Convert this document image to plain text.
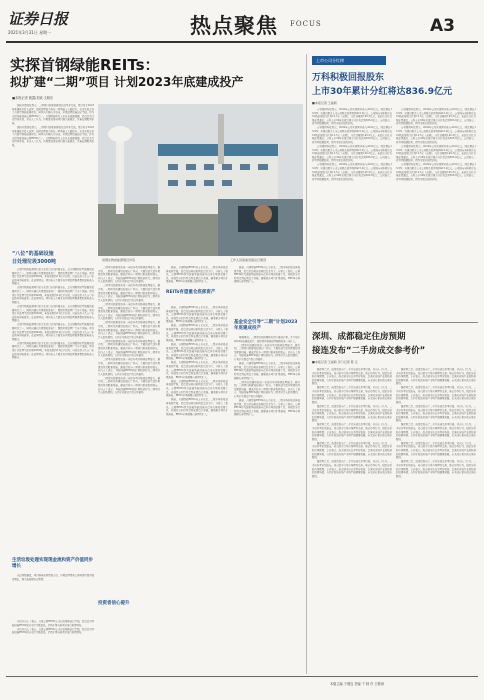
证券日报
2021年3月31日 星期一	热点聚焦 FOCUS	A3
实探首钢绿能REITs：
拟扩建“二期”项目 计划2023年底建成投产
■本报记者 施露/刘欢 文晓东

国际业绩快报显示，二期项目的规划建设已经基本完成，预计将于2023年底建成并投入运营，届时处理能力将在一期基础上大幅提升。记者实地走访了首钢生物质能源项目，园区内车辆有序进出，垃圾处理设施运转平稳。作为首批基础设施公募REITs之一，首钢绿能项目上市以来表现稳健，投资者关注度持续升温，业内人士认为，垃圾焚烧发电项目现金流稳定，具备长期配置价值。

国际业绩快报显示，二期项目的规划建设已经基本完成，预计将于2023年底建成并投入运营，届时处理能力将在一期基础上大幅提升。记者实地走访了首钢生物质能源项目，园区内车辆有序进出，垃圾处理设施运转平稳。作为首批基础设施公募REITs之一，首钢绿能项目上市以来表现稳健，投资者关注度持续升温，业内人士认为，垃圾焚烧发电项目现金流稳定，具备长期配置价值。

“八位”的基础设施
日处理垃圾3000吨

首钢生物质能源项目位于北京门头沟区鲁家山，是首钢集团转型发展的重要项目之一，园区内建有垃圾焚烧发电厂、餐厨垃圾处理厂等多个设施。项目设计日处理生活垃圾3000吨，年发电量约3.2亿千瓦时，可满足约十几万户家庭的年用电需求。在运营期内，项目收入主要来自垃圾处理服务费和发电收入两部分。

首钢生物质能源项目位于北京门头沟区鲁家山，是首钢集团转型发展的重要项目之一，园区内建有垃圾焚烧发电厂、餐厨垃圾处理厂等多个设施。项目设计日处理生活垃圾3000吨，年发电量约3.2亿千瓦时，可满足约十几万户家庭的年用电需求。在运营期内，项目收入主要来自垃圾处理服务费和发电收入两部分。

首钢生物质能源项目位于北京门头沟区鲁家山，是首钢集团转型发展的重要项目之一，园区内建有垃圾焚烧发电厂、餐厨垃圾处理厂等多个设施。项目设计日处理生活垃圾3000吨，年发电量约3.2亿千瓦时，可满足约十几万户家庭的年用电需求。在运营期内，项目收入主要来自垃圾处理服务费和发电收入两部分。

首钢生物质能源项目位于北京门头沟区鲁家山，是首钢集团转型发展的重要项目之一，园区内建有垃圾焚烧发电厂、餐厨垃圾处理厂等多个设施。项目设计日处理生活垃圾3000吨，年发电量约3.2亿千瓦时，可满足约十几万户家庭的年用电需求。在运营期内，项目收入主要来自垃圾处理服务费和发电收入两部分。

首钢生物质能源项目位于北京门头沟区鲁家山，是首钢集团转型发展的重要项目之一，园区内建有垃圾焚烧发电厂、餐厨垃圾处理厂等多个设施。项目设计日处理生活垃圾3000吨，年发电量约3.2亿千瓦时，可满足约十几万户家庭的年用电需求。在运营期内，项目收入主要来自垃圾处理服务费和发电收入两部分。

生活垃圾处理实现现金流和资产价值同步增长

从运营数据看，项目整体运营情况良好，垃圾处理量和上网电量均保持稳定增长，现金流表现符合预期。

首钢生物质能源项目外景	工作人员查看设备运行情况

二期项目的建设将进一步提升项目整体处理能力。据介绍，二期项目拟建设在现有厂区内，主要包括生活垃圾焚烧线及配套设施，建成后将与一期项目形成协同效应。业内人士表示，基础设施REITs的扩募机制将为二期项目注入提供便利，有利于实现资产的良性循环。

二期项目的建设将进一步提升项目整体处理能力。据介绍，二期项目拟建设在现有厂区内，主要包括生活垃圾焚烧线及配套设施，建成后将与一期项目形成协同效应。业内人士表示，基础设施REITs的扩募机制将为二期项目注入提供便利，有利于实现资产的良性循环。

二期项目的建设将进一步提升项目整体处理能力。据介绍，二期项目拟建设在现有厂区内，主要包括生活垃圾焚烧线及配套设施，建成后将与一期项目形成协同效应。业内人士表示，基础设施REITs的扩募机制将为二期项目注入提供便利，有利于实现资产的良性循环。

二期项目的建设将进一步提升项目整体处理能力。据介绍，二期项目拟建设在现有厂区内，主要包括生活垃圾焚烧线及配套设施，建成后将与一期项目形成协同效应。业内人士表示，基础设施REITs的扩募机制将为二期项目注入提供便利，有利于实现资产的良性循环。

二期项目的建设将进一步提升项目整体处理能力。据介绍，二期项目拟建设在现有厂区内，主要包括生活垃圾焚烧线及配套设施，建成后将与一期项目形成协同效应。业内人士表示，基础设施REITs的扩募机制将为二期项目注入提供便利，有利于实现资产的良性循环。

二期项目的建设将进一步提升项目整体处理能力。据介绍，二期项目拟建设在现有厂区内，主要包括生活垃圾焚烧线及配套设施，建成后将与一期项目形成协同效应。业内人士表示，基础设施REITs的扩募机制将为二期项目注入提供便利，有利于实现资产的良性循环。

二期项目的建设将进一步提升项目整体处理能力。据介绍，二期项目拟建设在现有厂区内，主要包括生活垃圾焚烧线及配套设施，建成后将与一期项目形成协同效应。业内人士表示，基础设施REITs的扩募机制将为二期项目注入提供便利，有利于实现资产的良性循环。

据悉，首钢绿能REITs自上市以来，二级市场价格总体表现平稳，投资者结构以机构投资者为主。分析人士指出，公募REITs作为连接基础设施与资本市场的重要工具，其稳定分红特性受到长期资金青睐。随着更多项目扩募落地，REITs市场规模有望持续扩大。

REITs有望重仓底部资产

据悉，首钢绿能REITs自上市以来，二级市场价格总体表现平稳，投资者结构以机构投资者为主。分析人士指出，公募REITs作为连接基础设施与资本市场的重要工具，其稳定分红特性受到长期资金青睐。随着更多项目扩募落地，REITs市场规模有望持续扩大。

据悉，首钢绿能REITs自上市以来，二级市场价格总体表现平稳，投资者结构以机构投资者为主。分析人士指出，公募REITs作为连接基础设施与资本市场的重要工具，其稳定分红特性受到长期资金青睐。随着更多项目扩募落地，REITs市场规模有望持续扩大。

据悉，首钢绿能REITs自上市以来，二级市场价格总体表现平稳，投资者结构以机构投资者为主。分析人士指出，公募REITs作为连接基础设施与资本市场的重要工具，其稳定分红特性受到长期资金青睐。随着更多项目扩募落地，REITs市场规模有望持续扩大。

据悉，首钢绿能REITs自上市以来，二级市场价格总体表现平稳，投资者结构以机构投资者为主。分析人士指出，公募REITs作为连接基础设施与资本市场的重要工具，其稳定分红特性受到长期资金青睐。随着更多项目扩募落地，REITs市场规模有望持续扩大。

据悉，首钢绿能REITs自上市以来，二级市场价格总体表现平稳，投资者结构以机构投资者为主。分析人士指出，公募REITs作为连接基础设施与资本市场的重要工具，其稳定分红特性受到长期资金青睐。随着更多项目扩募落地，REITs市场规模有望持续扩大。

据悉，首钢绿能REITs自上市以来，二级市场价格总体表现平稳，投资者结构以机构投资者为主。分析人士指出，公募REITs作为连接基础设施与资本市场的重要工具，其稳定分红特性受到长期资金青睐。随着更多项目扩募落地，REITs市场规模有望持续扩大。

据悉，首钢绿能REITs自上市以来，二级市场价格总体表现平稳，投资者结构以机构投资者为主。分析人士指出，公募REITs作为连接基础设施与资本市场的重要工具，其稳定分红特性受到长期资金青睐。随着更多项目扩募落地，REITs市场规模有望持续扩大。

基金安全引导“二期”计划2023年底建成投产

根据规划，二期项目将按照相关程序推进扩募，并计划于2023年底建成投产。届时项目整体处理规模将进一步扩大。

二期项目的建设将进一步提升项目整体处理能力。据介绍，二期项目拟建设在现有厂区内，主要包括生活垃圾焚烧线及配套设施，建成后将与一期项目形成协同效应。业内人士表示，基础设施REITs的扩募机制将为二期项目注入提供便利，有利于实现资产的良性循环。

据悉，首钢绿能REITs自上市以来，二级市场价格总体表现平稳，投资者结构以机构投资者为主。分析人士指出，公募REITs作为连接基础设施与资本市场的重要工具，其稳定分红特性受到长期资金青睐。随着更多项目扩募落地，REITs市场规模有望持续扩大。

二期项目的建设将进一步提升项目整体处理能力。据介绍，二期项目拟建设在现有厂区内，主要包括生活垃圾焚烧线及配套设施，建成后将与一期项目形成协同效应。业内人士表示，基础设施REITs的扩募机制将为二期项目注入提供便利，有利于实现资产的良性循环。

据悉，首钢绿能REITs自上市以来，二级市场价格总体表现平稳，投资者结构以机构投资者为主。分析人士指出，公募REITs作为连接基础设施与资本市场的重要工具，其稳定分红特性受到长期资金青睐。随着更多项目扩募落地，REITs市场规模有望持续扩大。

投资者信心提升

多位业内人士表示，首批公募REITs上市以来整体运行平稳，投资者对基础设施REITs的认可度不断提高，后续扩募与新项目发行值得期待。

多位业内人士表示，首批公募REITs上市以来整体运行平稳，投资者对基础设施REITs的认可度不断提高，后续扩募与新项目发行值得期待。

上市公司分红榜
万科积极回报股东
上市30年累计分红将达836.9亿元
■本报记者 王丽新

万科集团年报显示，2020年公司实现营业收入4191亿元，同比增长13.9%；实现归属于上市公司股东的净利润415.2亿元。公司拟向全体股东每10股派发现金红利12.5元（含税），分红总额约145.3亿元。若此次分红方案获得通过，万科上市30年来累计现金分红将达到836.9亿元。公司表示，将坚持稳健经营，持续为股东创造价值。

万科集团年报显示，2020年公司实现营业收入4191亿元，同比增长13.9%；实现归属于上市公司股东的净利润415.2亿元。公司拟向全体股东每10股派发现金红利12.5元（含税），分红总额约145.3亿元。若此次分红方案获得通过，万科上市30年来累计现金分红将达到836.9亿元。公司表示，将坚持稳健经营，持续为股东创造价值。

万科集团年报显示，2020年公司实现营业收入4191亿元，同比增长13.9%；实现归属于上市公司股东的净利润415.2亿元。公司拟向全体股东每10股派发现金红利12.5元（含税），分红总额约145.3亿元。若此次分红方案获得通过，万科上市30年来累计现金分红将达到836.9亿元。公司表示，将坚持稳健经营，持续为股东创造价值。

万科集团年报显示，2020年公司实现营业收入4191亿元，同比增长13.9%；实现归属于上市公司股东的净利润415.2亿元。公司拟向全体股东每10股派发现金红利12.5元（含税），分红总额约145.3亿元。若此次分红方案获得通过，万科上市30年来累计现金分红将达到836.9亿元。公司表示，将坚持稳健经营，持续为股东创造价值。

万科集团年报显示，2020年公司实现营业收入4191亿元，同比增长13.9%；实现归属于上市公司股东的净利润415.2亿元。公司拟向全体股东每10股派发现金红利12.5元（含税），分红总额约145.3亿元。若此次分红方案获得通过，万科上市30年来累计现金分红将达到836.9亿元。公司表示，将坚持稳健经营，持续为股东创造价值。

万科集团年报显示，2020年公司实现营业收入4191亿元，同比增长13.9%；实现归属于上市公司股东的净利润415.2亿元。公司拟向全体股东每10股派发现金红利12.5元（含税），分红总额约145.3亿元。若此次分红方案获得通过，万科上市30年来累计现金分红将达到836.9亿元。公司表示，将坚持稳健经营，持续为股东创造价值。

万科集团年报显示，2020年公司实现营业收入4191亿元，同比增长13.9%；实现归属于上市公司股东的净利润415.2亿元。公司拟向全体股东每10股派发现金红利12.5元（含税），分红总额约145.3亿元。若此次分红方案获得通过，万科上市30年来累计现金分红将达到836.9亿元。公司表示，将坚持稳健经营，持续为股东创造价值。

万科集团年报显示，2020年公司实现营业收入4191亿元，同比增长13.9%；实现归属于上市公司股东的净利润415.2亿元。公司拟向全体股东每10股派发现金红利12.5元（含税），分红总额约145.3亿元。若此次分红方案获得通过，万科上市30年来累计现金分红将达到836.9亿元。公司表示，将坚持稳健经营，持续为股东创造价值。

深圳、成都稳定住房预期
接连发布“二手房成交参考价”
■本报记者 王丽新 见习记者 陈 正

继深圳之后，成都也发布了二手住房成交参考价格。业内人士认为，二手房参考价的发布，将有助于引导市场理性交易，防范炒作行为，稳定房价和市场预期。专家表示，热点城市出台参考价机制，是落实房地产长效机制的重要举措，有利于促进房地产市场平稳健康发展。未来或有更多热点城市跟进。

继深圳之后，成都也发布了二手住房成交参考价格。业内人士认为，二手房参考价的发布，将有助于引导市场理性交易，防范炒作行为，稳定房价和市场预期。专家表示，热点城市出台参考价机制，是落实房地产长效机制的重要举措，有利于促进房地产市场平稳健康发展。未来或有更多热点城市跟进。

继深圳之后，成都也发布了二手住房成交参考价格。业内人士认为，二手房参考价的发布，将有助于引导市场理性交易，防范炒作行为，稳定房价和市场预期。专家表示，热点城市出台参考价机制，是落实房地产长效机制的重要举措，有利于促进房地产市场平稳健康发展。未来或有更多热点城市跟进。

继深圳之后，成都也发布了二手住房成交参考价格。业内人士认为，二手房参考价的发布，将有助于引导市场理性交易，防范炒作行为，稳定房价和市场预期。专家表示，热点城市出台参考价机制，是落实房地产长效机制的重要举措，有利于促进房地产市场平稳健康发展。未来或有更多热点城市跟进。

继深圳之后，成都也发布了二手住房成交参考价格。业内人士认为，二手房参考价的发布，将有助于引导市场理性交易，防范炒作行为，稳定房价和市场预期。专家表示，热点城市出台参考价机制，是落实房地产长效机制的重要举措，有利于促进房地产市场平稳健康发展。未来或有更多热点城市跟进。

继深圳之后，成都也发布了二手住房成交参考价格。业内人士认为，二手房参考价的发布，将有助于引导市场理性交易，防范炒作行为，稳定房价和市场预期。专家表示，热点城市出台参考价机制，是落实房地产长效机制的重要举措，有利于促进房地产市场平稳健康发展。未来或有更多热点城市跟进。

继深圳之后，成都也发布了二手住房成交参考价格。业内人士认为，二手房参考价的发布，将有助于引导市场理性交易，防范炒作行为，稳定房价和市场预期。专家表示，热点城市出台参考价机制，是落实房地产长效机制的重要举措，有利于促进房地产市场平稳健康发展。未来或有更多热点城市跟进。

继深圳之后，成都也发布了二手住房成交参考价格。业内人士认为，二手房参考价的发布，将有助于引导市场理性交易，防范炒作行为，稳定房价和市场预期。专家表示，热点城市出台参考价机制，是落实房地产长效机制的重要举措，有利于促进房地产市场平稳健康发展。未来或有更多热点城市跟进。

继深圳之后，成都也发布了二手住房成交参考价格。业内人士认为，二手房参考价的发布，将有助于引导市场理性交易，防范炒作行为，稳定房价和市场预期。专家表示，热点城市出台参考价机制，是落实房地产长效机制的重要举措，有利于促进房地产市场平稳健康发展。未来或有更多热点城市跟进。

继深圳之后，成都也发布了二手住房成交参考价格。业内人士认为，二手房参考价的发布，将有助于引导市场理性交易，防范炒作行为，稳定房价和市场预期。专家表示，热点城市出台参考价机制，是落实房地产长效机制的重要举措，有利于促进房地产市场平稳健康发展。未来或有更多热点城市跟进。

继深圳之后，成都也发布了二手住房成交参考价格。业内人士认为，二手房参考价的发布，将有助于引导市场理性交易，防范炒作行为，稳定房价和市场预期。专家表示，热点城市出台参考价机制，是落实房地产长效机制的重要举措，有利于促进房地产市场平稳健康发展。未来或有更多热点城市跟进。

继深圳之后，成都也发布了二手住房成交参考价格。业内人士认为，二手房参考价的发布，将有助于引导市场理性交易，防范炒作行为，稳定房价和市场预期。专家表示，热点城市出台参考价机制，是落实房地产长效机制的重要举措，有利于促进房地产市场平稳健康发展。未来或有更多热点城市跟进。

本版主编 于德良 责编 下 制 作 王敬涛
